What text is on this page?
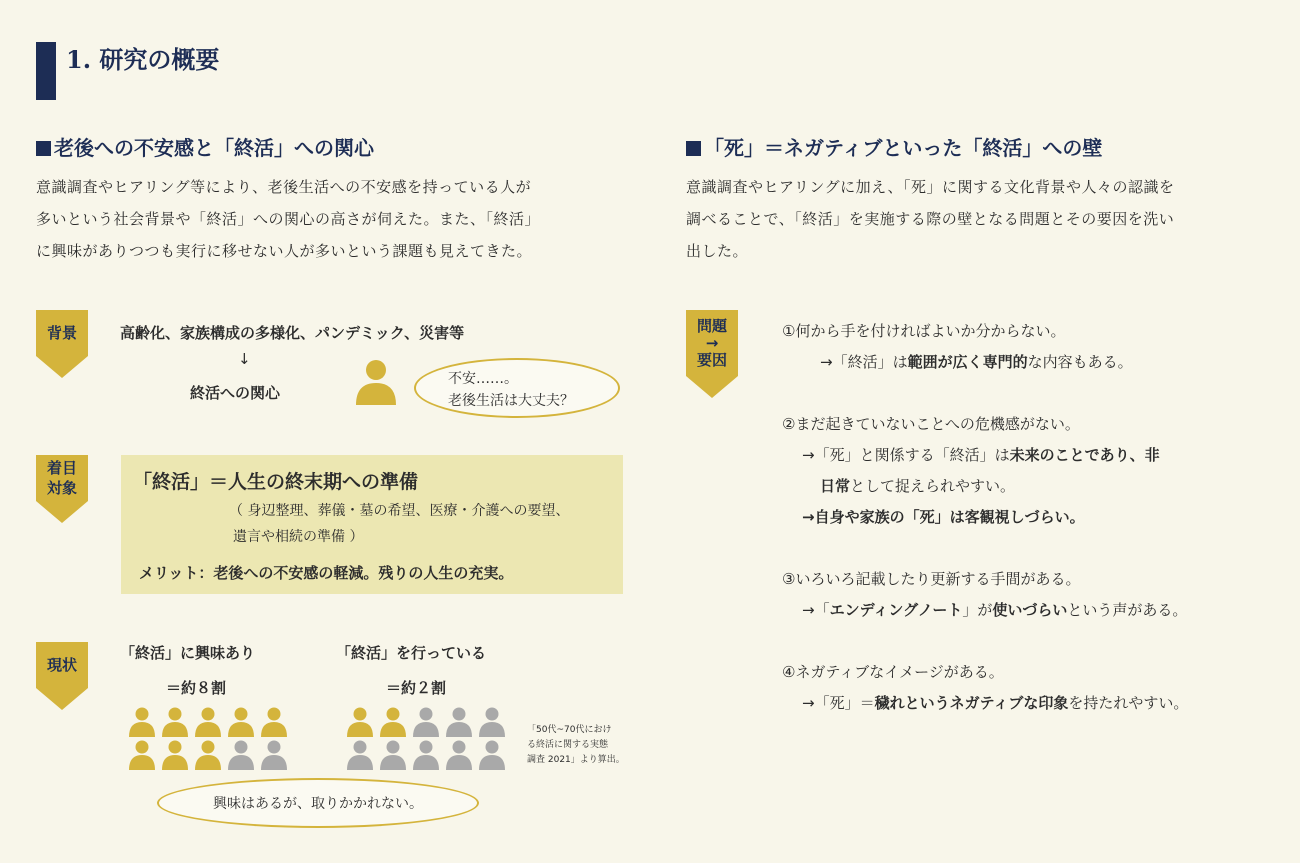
1. 研究の概要
老後への不安感と「終活」への関心
意識調査やヒアリング等により、老後生活への不安感を持っている人が
多いという社会背景や「終活」への関心の高さが伺えた。また、「終活」
に興味がありつつも実行に移せない人が多いという課題も見えてきた。
背景	高齢化、家族構成の多様化、パンデミック、災害等
↓
終活への関心
不安……。
老後生活は大丈夫？
着目
対象	「終活」＝人生の終末期への準備
（ 身辺整理、葬儀・墓の希望、医療・介護への要望、
遺言や相続の準備 ）
メリット：老後への不安感の軽減。残りの人生の充実。
現状
「終活」に興味あり
＝約８割
「終活」を行っている
＝約２割
「50代~70代におけ
る終活に関する実態
調査 2021」より算出。
興味はあるが、取りかかれない。
「死」＝ネガティブといった「終活」への壁
意識調査やヒアリングに加え、「死」に関する文化背景や人々の認識を
調べることで、「終活」を実施する際の壁となる問題とその要因を洗い
出した。
問題
→
要因
①何から手を付ければよいか分からない。
→「終活」は範囲が広く専門的な内容もある。
②まだ起きていないことへの危機感がない。
→「死」と関係する「終活」は未来のことであり、非
日常として捉えられやすい。
→自身や家族の「死」は客観視しづらい。
③いろいろ記載したり更新する手間がある。
→「エンディングノート」が使いづらいという声がある。
④ネガティブなイメージがある。
→「死」＝穢れというネガティブな印象を持たれやすい。
